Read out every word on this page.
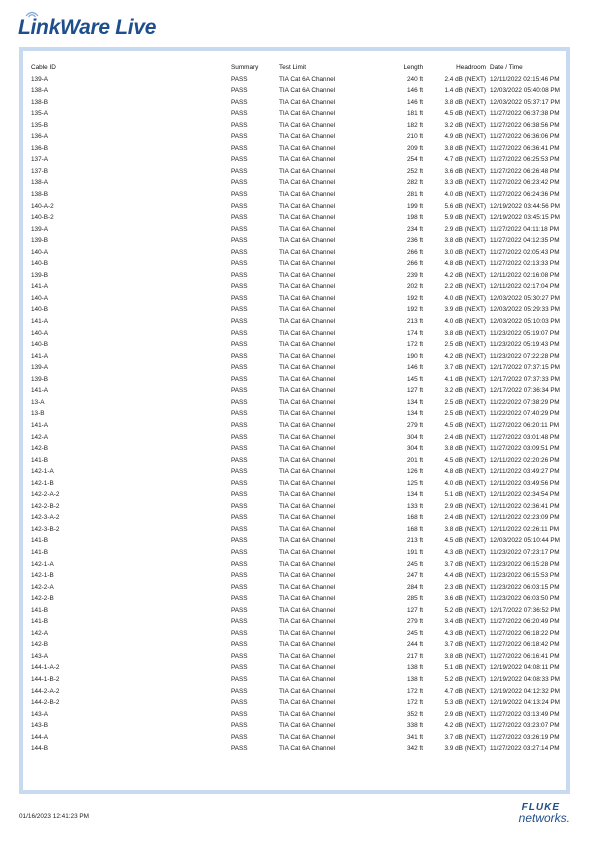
LinkWare Live
Cable ID	Summary	Test Limit	Length	Headroom	Date / Time
139-A	PASS	TIA Cat 6A Channel	240 ft	2.4 dB (NEXT)	12/11/2022 02:15:46 PM
138-A	PASS	TIA Cat 6A Channel	146 ft	1.4 dB (NEXT)	12/03/2022 05:40:08 PM
138-B	PASS	TIA Cat 6A Channel	146 ft	3.8 dB (NEXT)	12/03/2022 05:37:17 PM
135-A	PASS	TIA Cat 6A Channel	181 ft	4.5 dB (NEXT)	11/27/2022 06:37:38 PM
135-B	PASS	TIA Cat 6A Channel	182 ft	3.2 dB (NEXT)	11/27/2022 06:38:56 PM
136-A	PASS	TIA Cat 6A Channel	210 ft	4.9 dB (NEXT)	11/27/2022 06:36:06 PM
136-B	PASS	TIA Cat 6A Channel	209 ft	3.8 dB (NEXT)	11/27/2022 06:36:41 PM
137-A	PASS	TIA Cat 6A Channel	254 ft	4.7 dB (NEXT)	11/27/2022 06:25:53 PM
137-B	PASS	TIA Cat 6A Channel	252 ft	3.6 dB (NEXT)	11/27/2022 06:26:48 PM
138-A	PASS	TIA Cat 6A Channel	282 ft	3.3 dB (NEXT)	11/27/2022 06:23:42 PM
138-B	PASS	TIA Cat 6A Channel	281 ft	4.0 dB (NEXT)	11/27/2022 06:24:36 PM
140-A-2	PASS	TIA Cat 6A Channel	199 ft	5.6 dB (NEXT)	12/19/2022 03:44:56 PM
140-B-2	PASS	TIA Cat 6A Channel	198 ft	5.9 dB (NEXT)	12/19/2022 03:45:15 PM
139-A	PASS	TIA Cat 6A Channel	234 ft	2.9 dB (NEXT)	11/27/2022 04:11:18 PM
139-B	PASS	TIA Cat 6A Channel	236 ft	3.8 dB (NEXT)	11/27/2022 04:12:35 PM
140-A	PASS	TIA Cat 6A Channel	266 ft	3.0 dB (NEXT)	11/27/2022 02:05:43 PM
140-B	PASS	TIA Cat 6A Channel	266 ft	4.8 dB (NEXT)	11/27/2022 02:13:33 PM
139-B	PASS	TIA Cat 6A Channel	239 ft	4.2 dB (NEXT)	12/11/2022 02:16:08 PM
141-A	PASS	TIA Cat 6A Channel	202 ft	2.2 dB (NEXT)	12/11/2022 02:17:04 PM
140-A	PASS	TIA Cat 6A Channel	192 ft	4.0 dB (NEXT)	12/03/2022 05:30:27 PM
140-B	PASS	TIA Cat 6A Channel	192 ft	3.9 dB (NEXT)	12/03/2022 05:29:33 PM
141-A	PASS	TIA Cat 6A Channel	213 ft	4.0 dB (NEXT)	12/03/2022 05:10:03 PM
140-A	PASS	TIA Cat 6A Channel	174 ft	3.8 dB (NEXT)	11/23/2022 05:19:07 PM
140-B	PASS	TIA Cat 6A Channel	172 ft	2.5 dB (NEXT)	11/23/2022 05:19:43 PM
141-A	PASS	TIA Cat 6A Channel	190 ft	4.2 dB (NEXT)	11/23/2022 07:22:28 PM
139-A	PASS	TIA Cat 6A Channel	146 ft	3.7 dB (NEXT)	12/17/2022 07:37:15 PM
139-B	PASS	TIA Cat 6A Channel	145 ft	4.1 dB (NEXT)	12/17/2022 07:37:33 PM
141-A	PASS	TIA Cat 6A Channel	127 ft	3.2 dB (NEXT)	12/17/2022 07:36:34 PM
13-A	PASS	TIA Cat 6A Channel	134 ft	2.5 dB (NEXT)	11/22/2022 07:38:29 PM
13-B	PASS	TIA Cat 6A Channel	134 ft	2.5 dB (NEXT)	11/22/2022 07:40:29 PM
141-A	PASS	TIA Cat 6A Channel	279 ft	4.5 dB (NEXT)	11/27/2022 06:20:11 PM
142-A	PASS	TIA Cat 6A Channel	304 ft	2.4 dB (NEXT)	11/27/2022 03:01:48 PM
142-B	PASS	TIA Cat 6A Channel	304 ft	3.8 dB (NEXT)	11/27/2022 03:09:51 PM
141-B	PASS	TIA Cat 6A Channel	201 ft	4.5 dB (NEXT)	12/11/2022 02:20:26 PM
142-1-A	PASS	TIA Cat 6A Channel	126 ft	4.8 dB (NEXT)	12/11/2022 03:49:27 PM
142-1-B	PASS	TIA Cat 6A Channel	125 ft	4.0 dB (NEXT)	12/11/2022 03:49:56 PM
142-2-A-2	PASS	TIA Cat 6A Channel	134 ft	5.1 dB (NEXT)	12/11/2022 02:34:54 PM
142-2-B-2	PASS	TIA Cat 6A Channel	133 ft	2.9 dB (NEXT)	12/11/2022 02:36:41 PM
142-3-A-2	PASS	TIA Cat 6A Channel	168 ft	2.4 dB (NEXT)	12/11/2022 02:23:09 PM
142-3-B-2	PASS	TIA Cat 6A Channel	168 ft	3.8 dB (NEXT)	12/11/2022 02:26:11 PM
141-B	PASS	TIA Cat 6A Channel	213 ft	4.5 dB (NEXT)	12/03/2022 05:10:44 PM
141-B	PASS	TIA Cat 6A Channel	191 ft	4.3 dB (NEXT)	11/23/2022 07:23:17 PM
142-1-A	PASS	TIA Cat 6A Channel	245 ft	3.7 dB (NEXT)	11/23/2022 06:15:28 PM
142-1-B	PASS	TIA Cat 6A Channel	247 ft	4.4 dB (NEXT)	11/23/2022 06:15:53 PM
142-2-A	PASS	TIA Cat 6A Channel	284 ft	2.3 dB (NEXT)	11/23/2022 06:03:15 PM
142-2-B	PASS	TIA Cat 6A Channel	285 ft	3.6 dB (NEXT)	11/23/2022 06:03:50 PM
141-B	PASS	TIA Cat 6A Channel	127 ft	5.2 dB (NEXT)	12/17/2022 07:36:52 PM
141-B	PASS	TIA Cat 6A Channel	279 ft	3.4 dB (NEXT)	11/27/2022 06:20:49 PM
142-A	PASS	TIA Cat 6A Channel	245 ft	4.3 dB (NEXT)	11/27/2022 06:18:22 PM
142-B	PASS	TIA Cat 6A Channel	244 ft	3.7 dB (NEXT)	11/27/2022 06:18:42 PM
143-A	PASS	TIA Cat 6A Channel	217 ft	3.8 dB (NEXT)	11/27/2022 06:16:41 PM
144-1-A-2	PASS	TIA Cat 6A Channel	138 ft	5.1 dB (NEXT)	12/19/2022 04:08:11 PM
144-1-B-2	PASS	TIA Cat 6A Channel	138 ft	5.2 dB (NEXT)	12/19/2022 04:08:33 PM
144-2-A-2	PASS	TIA Cat 6A Channel	172 ft	4.7 dB (NEXT)	12/19/2022 04:12:32 PM
144-2-B-2	PASS	TIA Cat 6A Channel	172 ft	5.3 dB (NEXT)	12/19/2022 04:13:24 PM
143-A	PASS	TIA Cat 6A Channel	352 ft	2.9 dB (NEXT)	11/27/2022 03:13:49 PM
143-B	PASS	TIA Cat 6A Channel	338 ft	4.2 dB (NEXT)	11/27/2022 03:23:07 PM
144-A	PASS	TIA Cat 6A Channel	341 ft	3.7 dB (NEXT)	11/27/2022 03:26:19 PM
144-B	PASS	TIA Cat 6A Channel	342 ft	3.9 dB (NEXT)	11/27/2022 03:27:14 PM
01/16/2023 12:41:23 PM
FLUKE
networks.
